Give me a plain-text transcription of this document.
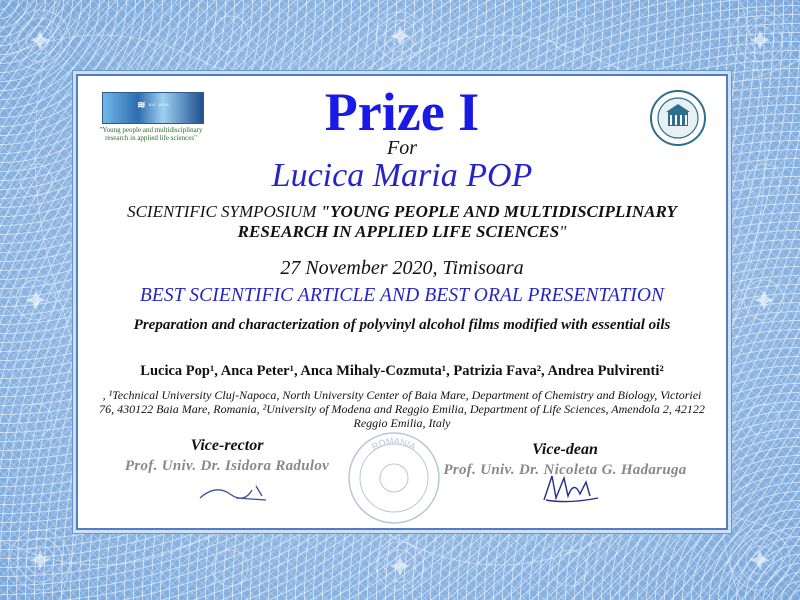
≋ ◦◦ ◦◦◦
"Young people and multidisciplinary research in applied life sciences"	Prize I
For
Lucica Maria POP
SCIENTIFIC SYMPOSIUM "YOUNG PEOPLE AND MULTIDISCIPLINARY RESEARCH IN APPLIED LIFE SCIENCES"
27 November 2020, Timisoara
BEST SCIENTIFIC ARTICLE AND BEST ORAL PRESENTATION
Preparation and characterization of polyvinyl alcohol films modified with essential oils
Lucica Pop¹, Anca Peter¹, Anca Mihaly-Cozmuta¹, Patrizia Fava², Andrea Pulvirenti²
, ¹Technical University Cluj-Napoca, North University Center of Baia Mare, Department of Chemistry and Biology, Victoriei 76, 430122 Baia Mare, Romania, ²University of Modena and Reggio Emilia, Department of Life Sciences, Amendola 2, 42122 Reggio Emilia, Italy
Vice-rector
Prof. Univ. Dr. Isidora Radulov
ROMANIA	Vice-dean
Prof. Univ. Dr. Nicoleta G. Hadaruga
